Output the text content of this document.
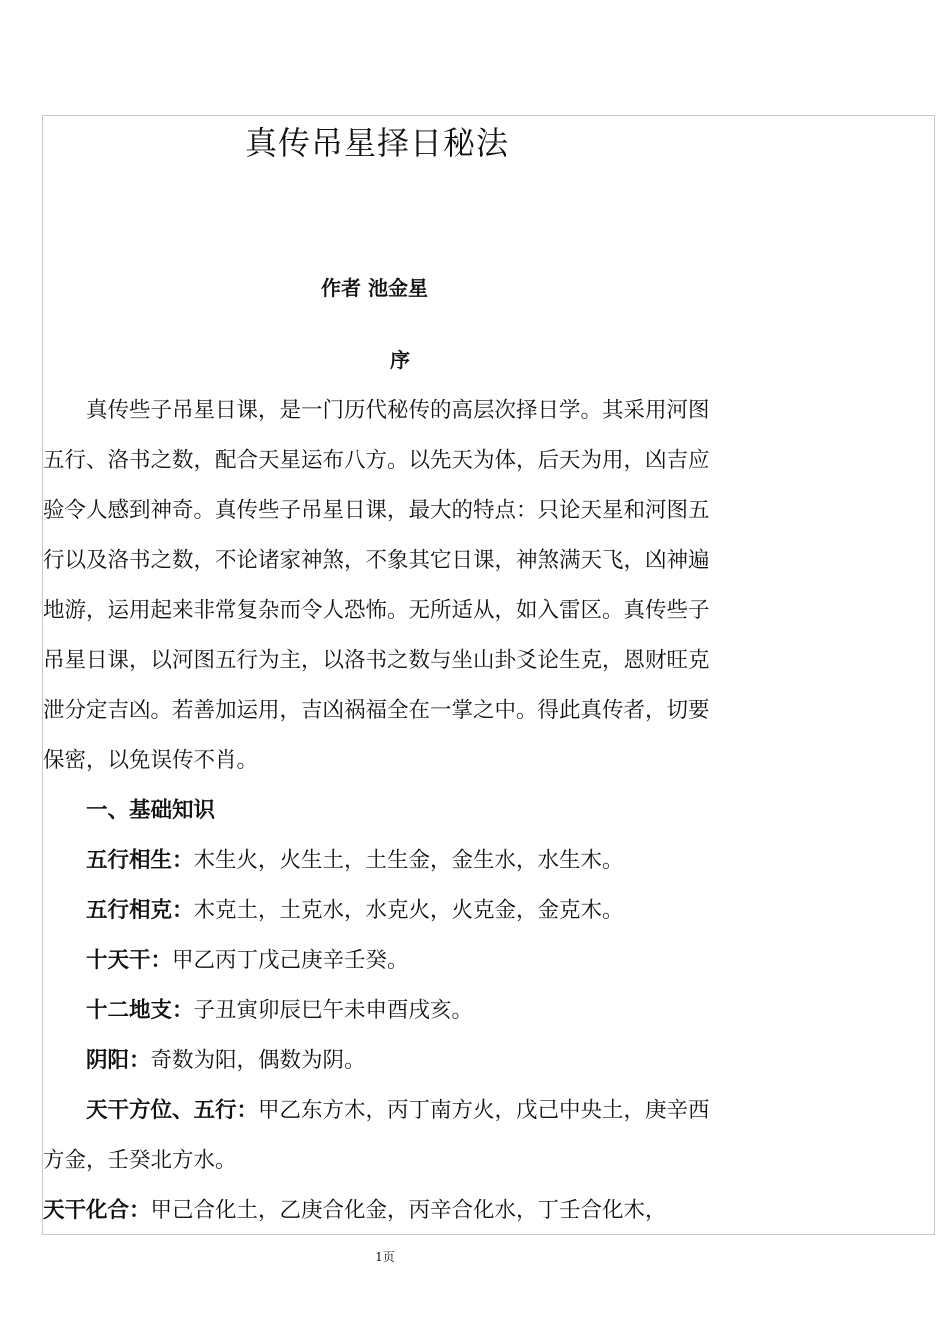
真传吊星择日秘法
作者 池金星
序

真传些子吊星日课，是一门历代秘传的高层次择日学。其采用河图五行、洛书之数，配合天星运布八方。以先天为体，后天为用，凶吉应验令人感到神奇。真传些子吊星日课，最大的特点：只论天星和河图五行以及洛书之数，不论诸家神煞，不象其它日课，神煞满天飞，凶神遍地游，运用起来非常复杂而令人恐怖。无所适从，如入雷区。真传些子吊星日课，以河图五行为主，以洛书之数与坐山卦爻论生克，恩财旺克泄分定吉凶。若善加运用，吉凶祸福全在一掌之中。得此真传者，切要保密，以免误传不肖。

一、基础知识

五行相生：木生火，火生土，土生金，金生水，水生木。

五行相克：木克土，土克水，水克火，火克金，金克木。

十天干：甲乙丙丁戊己庚辛壬癸。

十二地支：子丑寅卯辰巳午未申酉戌亥。

阴阳：奇数为阳，偶数为阴。

天干方位、五行：甲乙东方木，丙丁南方火，戊己中央土，庚辛西方金，壬癸北方水。

天干化合：甲己合化土，乙庚合化金，丙辛合化水，丁壬合化木，

1页
